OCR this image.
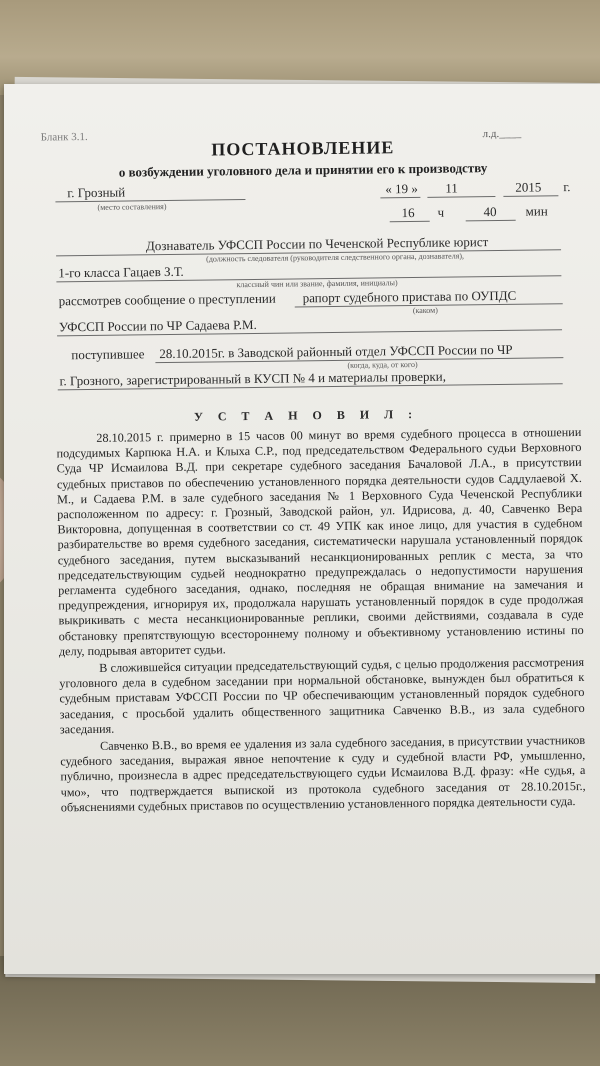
Бланк 3.1.	л.д.____
ПОСТАНОВЛЕНИЕ
о возбуждении уголовного дела и принятии его к производству
г. Грозный
(место составления)
« 19 » 11	2015 г.
16 ч	40 мин
Дознаватель УФССП России по Чеченской Республике юрист
(должность следователя (руководителя следственного органа, дознавателя),
1-го класса Гацаев З.Т.
классный чин или звание, фамилия, инициалы)
рассмотрев сообщение о преступлении рапорт судебного пристава по ОУПДС
(каком)
УФССП России по ЧР Садаева Р.М.
поступившее 28.10.2015г. в Заводской районный отдел УФССП России по ЧР
(когда, куда, от кого)
г. Грозного, зарегистрированный в КУСП № 4 и материалы проверки,
У С Т А Н О В И Л :

28.10.2015 г. примерно в 15 часов 00 минут во время судебного процесса в отношении подсудимых Карпюка Н.А. и Клыха С.Р., под председательством Федерального судьи Верховного Суда ЧР Исмаилова В.Д. при секретаре судебного заседания Бачаловой Л.А., в присутствии судебных приставов по обеспечению установленного порядка деятельности судов Саддулаевой Х. М., и Садаева Р.М. в зале судебного заседания № 1 Верховного Суда Чеченской Республики расположенном по адресу: г. Грозный, Заводской район, ул. Идрисова, д. 40, Савченко Вера Викторовна, допущенная в соответствии со ст. 49 УПК как иное лицо, для участия в судебном разбирательстве во время судебного заседания, систематически нарушала установленный порядок судебного заседания, путем высказываний несанкционированных реплик с места, за что председательствующим судьей неоднократно предупреждалась о недопустимости нарушения регламента судебного заседания, однако, последняя не обращая внимание на замечания и предупреждения, игнорируя их, продолжала нарушать установленный порядок в суде продолжая выкрикивать с места несанкционированные реплики, своими действиями, создавала в суде обстановку препятствующую всестороннему полному и объективному установлению истины по делу, подрывая авторитет судьи.

В сложившейся ситуации председательствующий судья, с целью продолжения рассмотрения уголовного дела в судебном заседании при нормальной обстановке, вынужден был обратиться к судебным приставам УФССП России по ЧР обеспечивающим установленный порядок судебного заседания, с просьбой удалить общественного защитника Савченко В.В., из зала судебного заседания.

Савченко В.В., во время ее удаления из зала судебного заседания, в присутствии участников судебного заседания, выражая явное непочтение к суду и судебной власти РФ, умышленно, публично, произнесла в адрес председательствующего судьи Исмаилова В.Д. фразу: «Не судья, а чмо», что подтверждается выпиской из протокола судебного заседания от 28.10.2015г., объяснениями судебных приставов по осуществлению установленного порядка деятельности суда.
